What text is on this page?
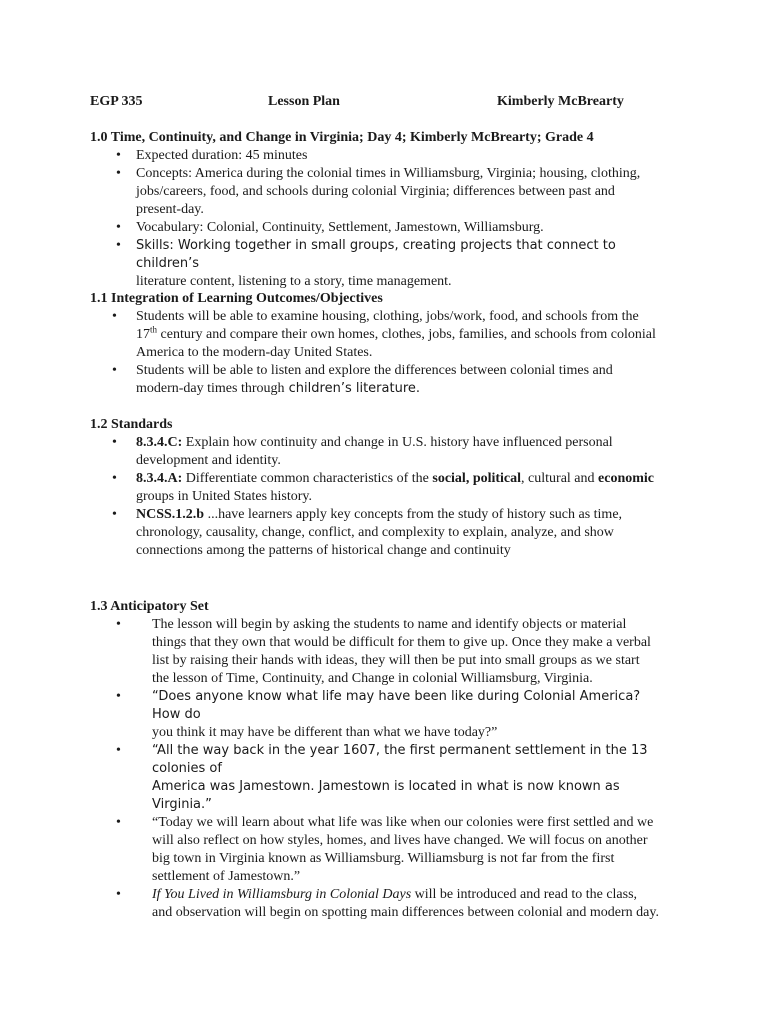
EGP 335	Lesson Plan	Kimberly McBrearty
1.0 Time, Continuity, and Change in Virginia; Day 4; Kimberly McBrearty; Grade 4
• Expected duration: 45 minutes
• Concepts: America during the colonial times in Williamsburg, Virginia; housing, clothing, jobs/careers, food, and schools during colonial Virginia; differences between past and present-day.
• Vocabulary: Colonial, Continuity, Settlement, Jamestown, Williamsburg.
• Skills: Working together in small groups, creating projects that connect to children’s
literature content, listening to a story, time management.
1.1 Integration of Learning Outcomes/Objectives
• Students will be able to examine housing, clothing, jobs/work, food, and schools from the 17th century and compare their own homes, clothes, jobs, families, and schools from colonial America to the modern-day United States.
• Students will be able to listen and explore the differences between colonial times and modern-day times through children’s literature.
1.2 Standards
• 8.3.4.C: Explain how continuity and change in U.S. history have influenced personal development and identity.
• 8.3.4.A: Differentiate common characteristics of the social, political, cultural and economic groups in United States history.
• NCSS.1.2.b ...have learners apply key concepts from the study of history such as time, chronology, causality, change, conflict, and complexity to explain, analyze, and show connections among the patterns of historical change and continuity
1.3 Anticipatory Set
• The lesson will begin by asking the students to name and identify objects or material things that they own that would be difficult for them to give up. Once they make a verbal list by raising their hands with ideas, they will then be put into small groups as we start the lesson of Time, Continuity, and Change in colonial Williamsburg, Virginia.
• “Does anyone know what life may have been like during Colonial America? How do
you think it may have be different than what we have today?”
• “All the way back in the year 1607, the first permanent settlement in the 13 colonies of
America was Jamestown. Jamestown is located in what is now known as Virginia.”
• “Today we will learn about what life was like when our colonies were first settled and we will also reflect on how styles, homes, and lives have changed. We will focus on another big town in Virginia known as Williamsburg. Williamsburg is not far from the first settlement of Jamestown.”
• If You Lived in Williamsburg in Colonial Days will be introduced and read to the class, and observation will begin on spotting main differences between colonial and modern day.
